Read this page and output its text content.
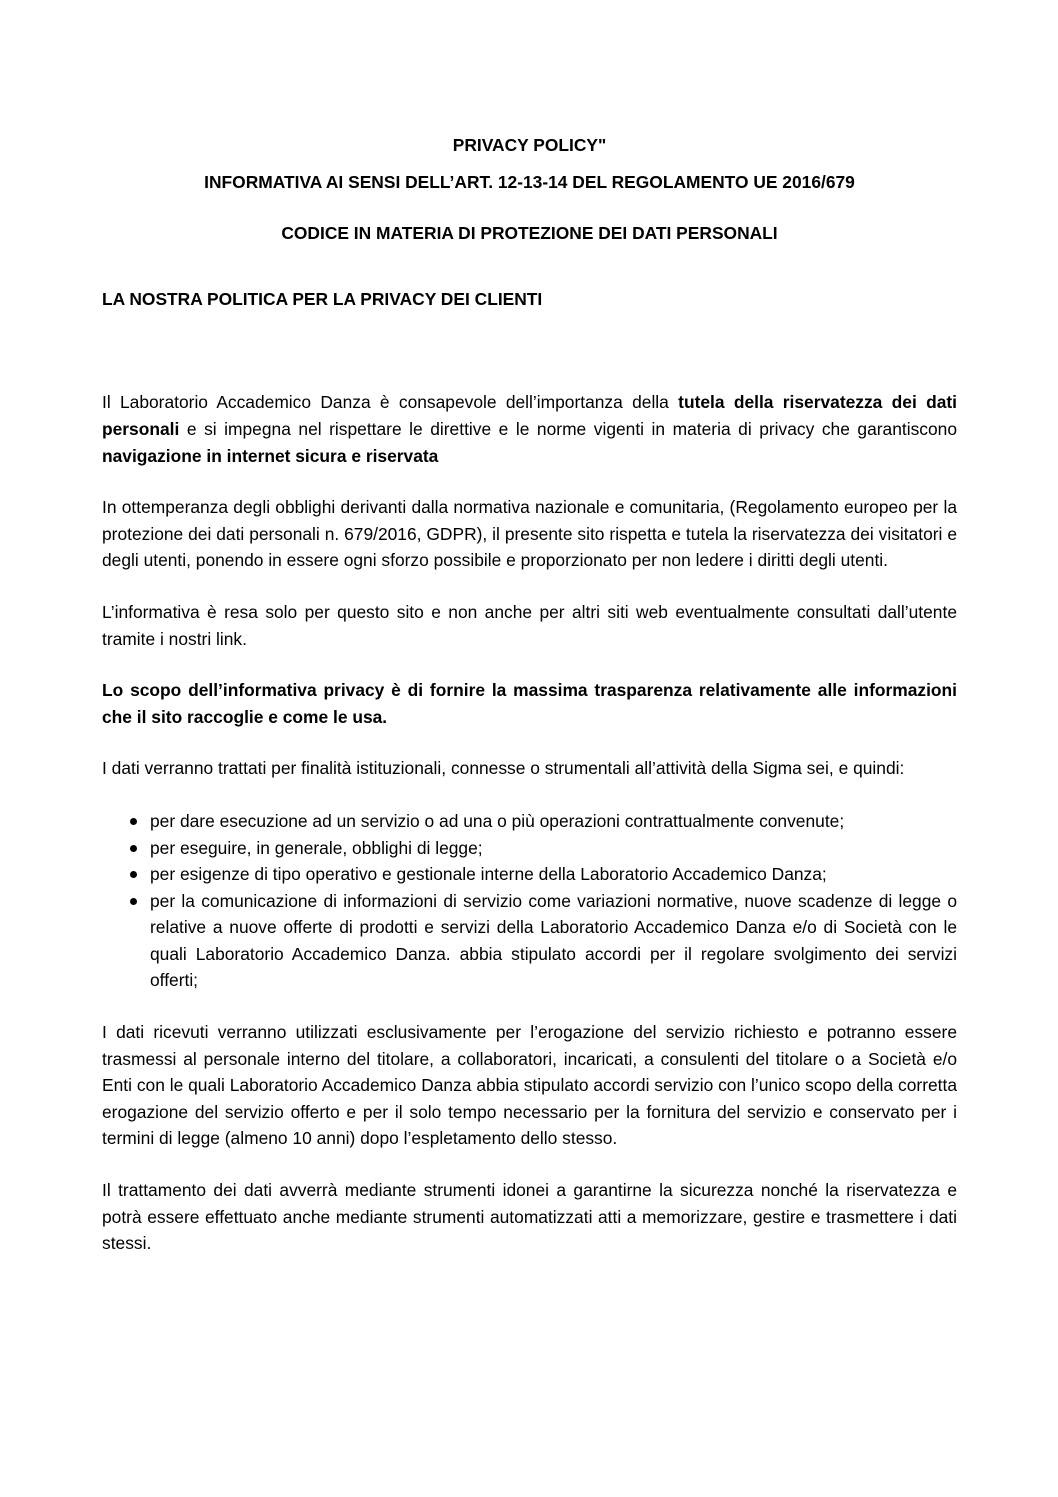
PRIVACY POLICY"
INFORMATIVA AI SENSI DELL’ART. 12-13-14 DEL REGOLAMENTO UE 2016/679
CODICE IN MATERIA DI PROTEZIONE DEI DATI PERSONALI
LA NOSTRA POLITICA PER LA PRIVACY DEI CLIENTI

Il Laboratorio Accademico Danza è consapevole dell’importanza della tutela della riservatezza dei dati personali e si impegna nel rispettare le direttive e le norme vigenti in materia di privacy che garantiscono navigazione in internet sicura e riservata

In ottemperanza degli obblighi derivanti dalla normativa nazionale e comunitaria, (Regolamento europeo per la protezione dei dati personali n. 679/2016, GDPR), il presente sito rispetta e tutela la riservatezza dei visitatori e degli utenti, ponendo in essere ogni sforzo possibile e proporzionato per non ledere i diritti degli utenti.

L’informativa è resa solo per questo sito e non anche per altri siti web eventualmente consultati dall’utente tramite i nostri link.

Lo scopo dell’informativa privacy è di fornire la massima trasparenza relativamente alle informazioni che il sito raccoglie e come le usa.

I dati verranno trattati per finalità istituzionali, connesse o strumentali all’attività della Sigma sei, e quindi:

per dare esecuzione ad un servizio o ad una o più operazioni contrattualmente convenute;
per eseguire, in generale, obblighi di legge;
per esigenze di tipo operativo e gestionale interne della Laboratorio Accademico Danza;
per la comunicazione di informazioni di servizio come variazioni normative, nuove scadenze di legge o relative a nuove offerte di prodotti e servizi della Laboratorio Accademico Danza e/o di Società con le quali Laboratorio Accademico Danza. abbia stipulato accordi per il regolare svolgimento dei servizi offerti;

I dati ricevuti verranno utilizzati esclusivamente per l’erogazione del servizio richiesto e potranno essere trasmessi al personale interno del titolare, a collaboratori, incaricati, a consulenti del titolare o a Società e/o Enti con le quali Laboratorio Accademico Danza abbia stipulato accordi servizio con l’unico scopo della corretta erogazione del servizio offerto e per il solo tempo necessario per la fornitura del servizio e conservato per i termini di legge (almeno 10 anni) dopo l’espletamento dello stesso.

Il trattamento dei dati avverrà mediante strumenti idonei a garantirne la sicurezza nonché la riservatezza e potrà essere effettuato anche mediante strumenti automatizzati atti a memorizzare, gestire e trasmettere i dati stessi.
